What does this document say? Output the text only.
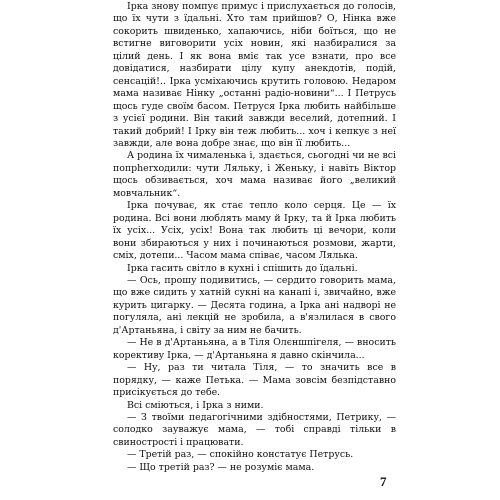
Ірка знову помпує примус і прислухається до голосів, що їх чути з їдальні. Хто там прийшов? О, Нінка вже сокорить швиденько, хапаючись, ніби боїться, що не встигне виговорити усіх новин, які назбиралися за цілий день. І як вона вміє так усе взнати, про все довідатися, назбирати цілу купу анекдотів, подій, сенсацій!.. Ірка усміхаючись крутить головою. Недаром мама називає Нінку „останні радіо-новини“... І Петрусь щось гуде своїм басом. Петруся Ірка любить найбільше з усієї родини. Він такий завжди веселий, дотепний. І такий добрий! І Ірку він теж любить... хоч і кепкує з неї завжди, але вона добре знає, що він її любить...

А родина їх чималенька і, здається, сьогодні чи не всі попрherходили: чути Ляльку, і Женьку, і навіть Віктор щось обзивається, хоч мама називає його „великий мовчальник“.

Ірка почуває, як стає тепло коло серця. Це — їх родина. Всі вони люблять маму й Ірку, та й Ірка любить їх усіх... Усіх, усіх! Вона так любить ці вечори, коли вони збираються у них і починаються розмови, жарти, сміх, дотепи... Часом мама співає, часом Лялька.

Ірка гасить світло в кухні і спішить до їдальні.

— Ось, прошу подивитись, — сердито говорить мама, що вже сидить у хатній сукні на канапі і, звичайно, вже курить цигарку. — Десята година, а Ірка ані надворі не погуляла, ані лекцій не зробила, а в'язлилася в свого д'Артаньяна, і світу за ним не бачить.

— Не в д'Артаньяна, а в Тіля Олєншпігеля, — вносить корективу Ірка, — д'Артаньяна я давно скінчила...

— Ну, раз ти читала Тіля, — то значить все в порядку, — каже Петька. — Мама зовсім безпідставно присікується до тебе.

Всі сміються, і Ірка з ними.

— З твоїми педагогічними здібностями, Петрику, — солодко зауважує мама, — тобі справді тільки в свинострості і працювати.

— Третій раз, — спокійно констатує Петрусь.

— Що третій раз? — не розуміє мама.

7
